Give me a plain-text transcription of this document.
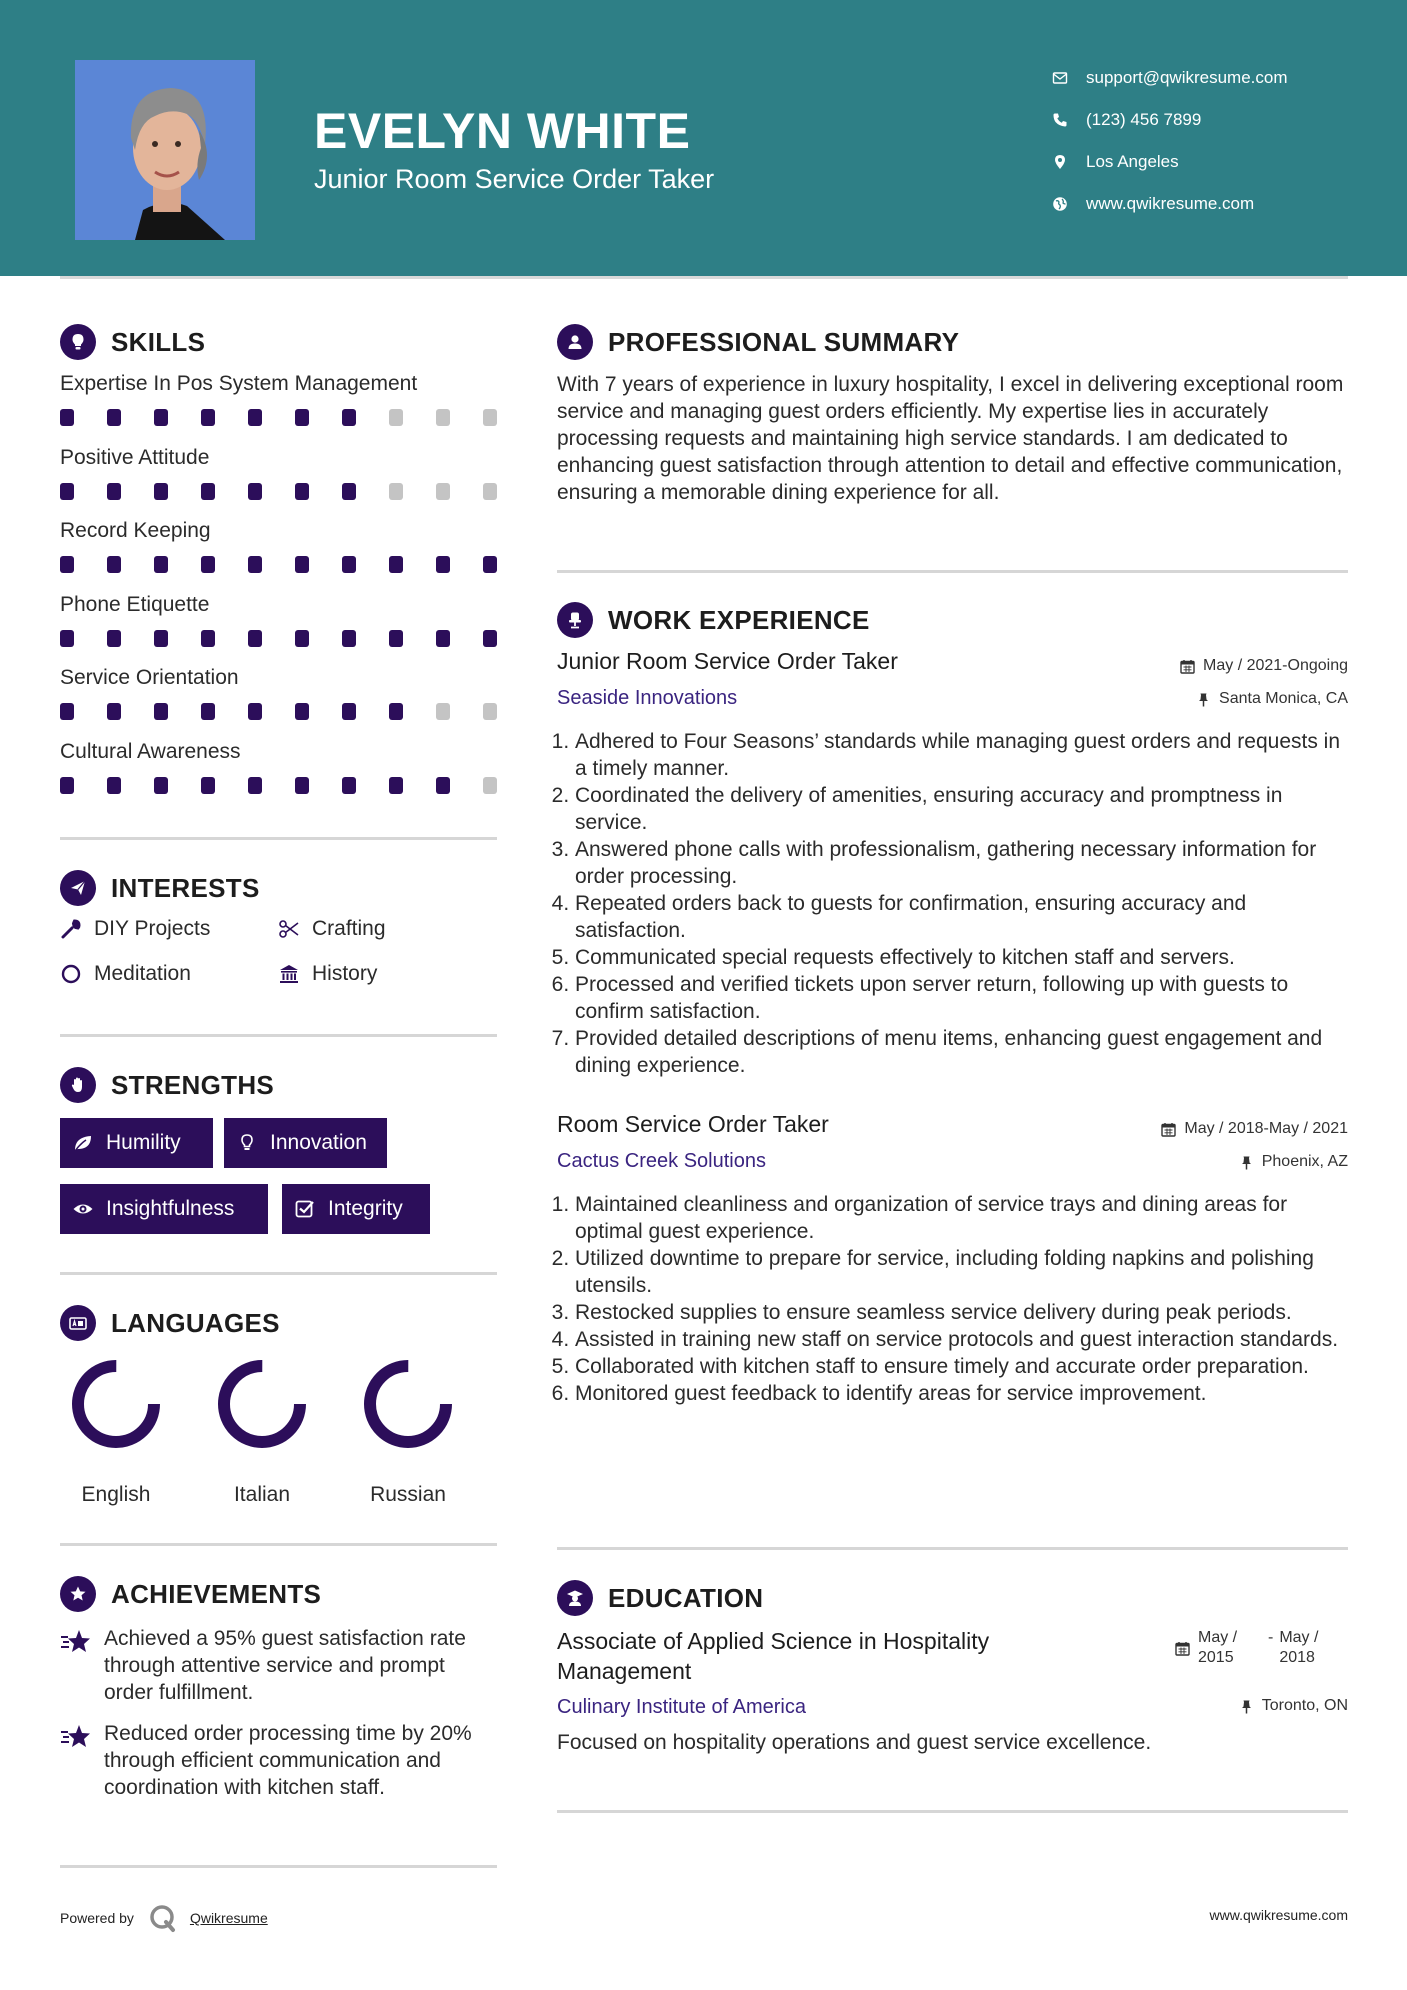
EVELYN WHITE
Junior Room Service Order Taker
support@qwikresume.com
(123) 456 7899
Los Angeles
www.qwikresume.com
SKILLS
Expertise In Pos System Management
Positive Attitude
Record Keeping
Phone Etiquette
Service Orientation
Cultural Awareness
INTERESTS
DIY Projects	Crafting
Meditation	History
STRENGTHS
Humility	Innovation
Insightfulness	Integrity
LANGUAGES
English	Italian	Russian
ACHIEVEMENTS
Achieved a 95% guest satisfaction rate through attentive service and prompt order fulfillment.
Reduced order processing time by 20% through efficient communication and coordination with kitchen staff.
PROFESSIONAL SUMMARY
With 7 years of experience in luxury hospitality, I excel in delivering exceptional room service and managing guest orders efficiently. My expertise lies in accurately processing requests and maintaining high service standards. I am dedicated to enhancing guest satisfaction through attention to detail and effective communication, ensuring a memorable dining experience for all.
WORK EXPERIENCE
Junior Room Service Order Taker	May / 2021-Ongoing
Seaside Innovations	Santa Monica, CA
1. Adhered to Four Seasons’ standards while managing guest orders and requests in a timely manner.
2. Coordinated the delivery of amenities, ensuring accuracy and promptness in service.
3. Answered phone calls with professionalism, gathering necessary information for order processing.
4. Repeated orders back to guests for confirmation, ensuring accuracy and satisfaction.
5. Communicated special requests effectively to kitchen staff and servers.
6. Processed and verified tickets upon server return, following up with guests to confirm satisfaction.
7. Provided detailed descriptions of menu items, enhancing guest engagement and dining experience.
Room Service Order Taker	May / 2018-May / 2021
Cactus Creek Solutions	Phoenix, AZ
1. Maintained cleanliness and organization of service trays and dining areas for optimal guest experience.
2. Utilized downtime to prepare for service, including folding napkins and polishing utensils.
3. Restocked supplies to ensure seamless service delivery during peak periods.
4. Assisted in training new staff on service protocols and guest interaction standards.
5. Collaborated with kitchen staff to ensure timely and accurate order preparation.
6. Monitored guest feedback to identify areas for service improvement.
EDUCATION
Associate of Applied Science in Hospitality Management
May / 2015
- May / 2018
Culinary Institute of America	Toronto, ON
Focused on hospitality operations and guest service excellence.
Powered by	Qwikresume	www.qwikresume.com
